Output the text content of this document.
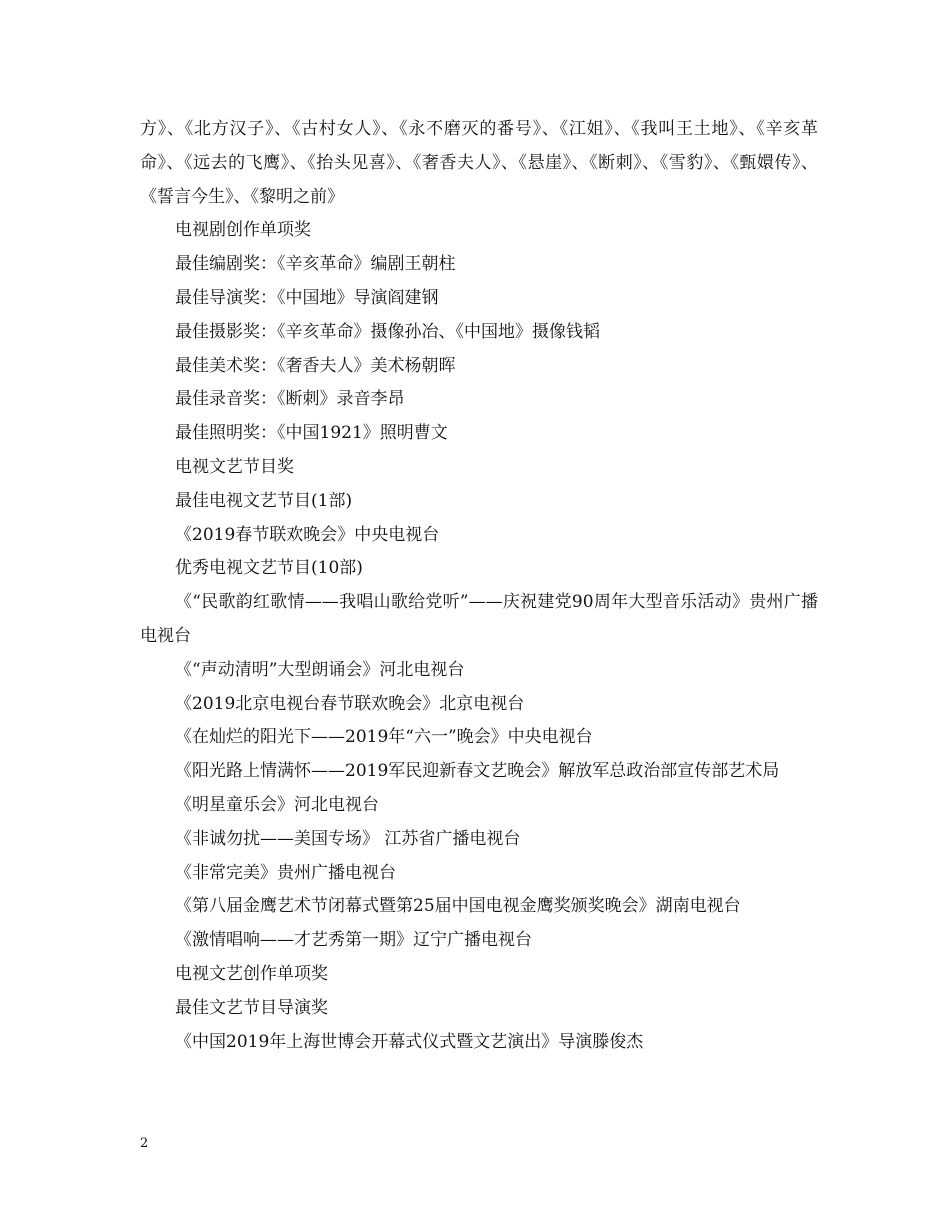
方》、《北方汉子》、《古村女人》、《永不磨灭的番号》、《江姐》、《我叫王土地》、《辛亥革命》、《远去的飞鹰》、《抬头见喜》、《奢香夫人》、《悬崖》、《断刺》、《雪豹》、《甄嬛传》、《誓言今生》、《黎明之前》

电视剧创作单项奖

最佳编剧奖：《辛亥革命》编剧王朝柱

最佳导演奖：《中国地》导演阎建钢

最佳摄影奖：《辛亥革命》摄像孙冶、《中国地》摄像钱韬

最佳美术奖：《奢香夫人》美术杨朝晖

最佳录音奖：《断刺》录音李昂

最佳照明奖：《中国1921》照明曹文

电视文艺节目奖

最佳电视文艺节目(1部)

《2019春节联欢晚会》中央电视台

优秀电视文艺节目(10部)

《“民歌韵红歌情——我唱山歌给党听”——庆祝建党90周年大型音乐活动》贵州广播电视台

《“声动清明”大型朗诵会》河北电视台

《2019北京电视台春节联欢晚会》北京电视台

《在灿烂的阳光下——2019年“六一”晚会》中央电视台

《阳光路上情满怀——2019军民迎新春文艺晚会》解放军总政治部宣传部艺术局

《明星童乐会》河北电视台

《非诚勿扰——美国专场》 江苏省广播电视台

《非常完美》贵州广播电视台

《第八届金鹰艺术节闭幕式暨第25届中国电视金鹰奖颁奖晚会》湖南电视台

《激情唱响——才艺秀第一期》辽宁广播电视台

电视文艺创作单项奖

最佳文艺节目导演奖

《中国2019年上海世博会开幕式仪式暨文艺演出》导演滕俊杰

2
